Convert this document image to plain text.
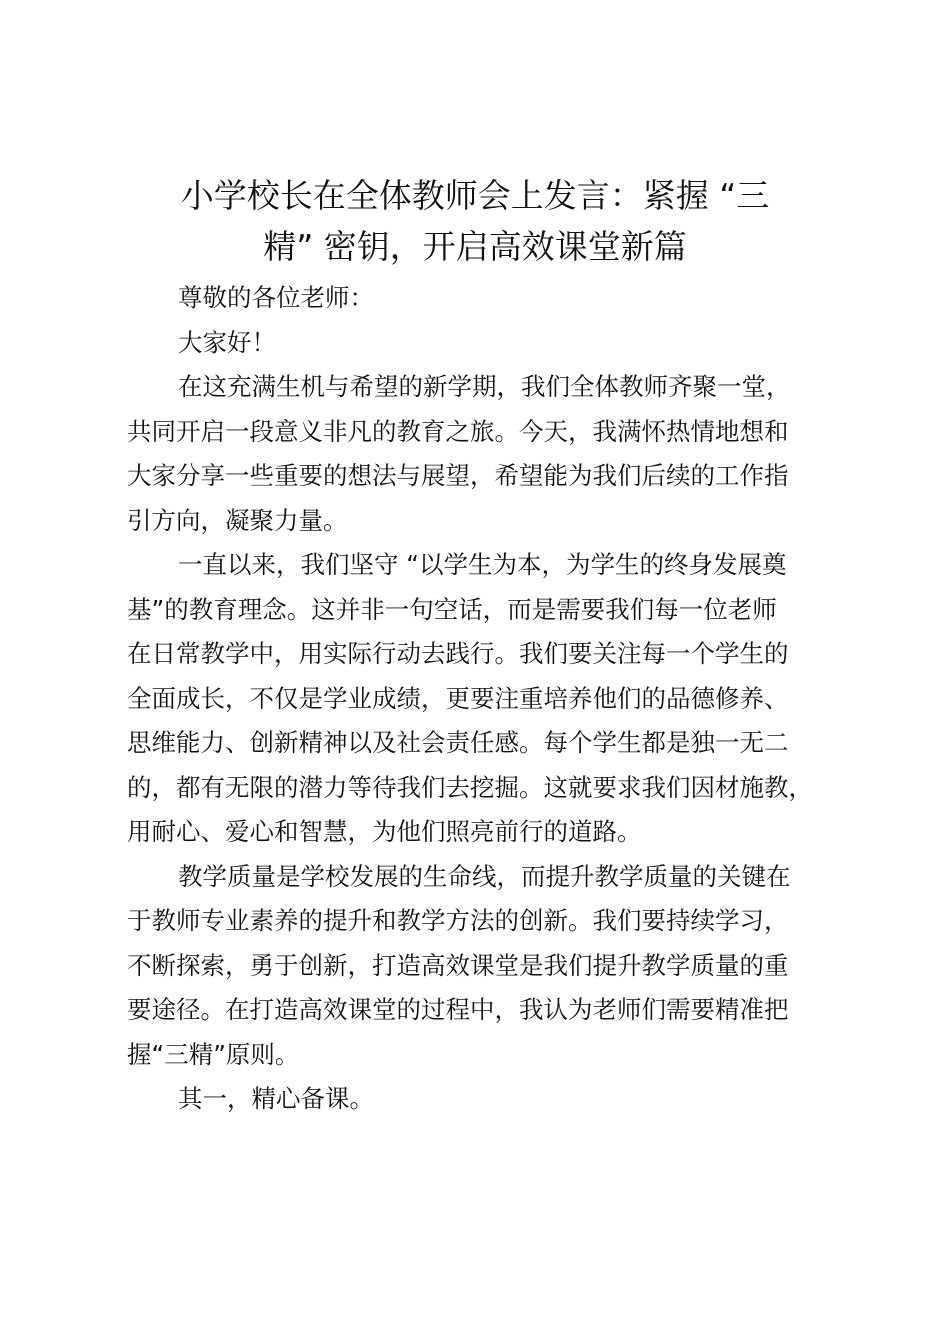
小学校长在全体教师会上发言：紧握 “三
精” 密钥，开启高效课堂新篇

尊敬的各位老师：

大家好！

在这充满生机与希望的新学期，我们全体教师齐聚一堂，
共同开启一段意义非凡的教育之旅。今天，我满怀热情地想和
大家分享一些重要的想法与展望，希望能为我们后续的工作指
引方向，凝聚力量。

一直以来，我们坚守 “以学生为本，为学生的终身发展奠
基”的教育理念。这并非一句空话，而是需要我们每一位老师
在日常教学中，用实际行动去践行。我们要关注每一个学生的
全面成长，不仅是学业成绩，更要注重培养他们的品德修养、
思维能力、创新精神以及社会责任感。每个学生都是独一无二
的，都有无限的潜力等待我们去挖掘。这就要求我们因材施教，
用耐心、爱心和智慧，为他们照亮前行的道路。

教学质量是学校发展的生命线，而提升教学质量的关键在
于教师专业素养的提升和教学方法的创新。我们要持续学习，
不断探索，勇于创新，打造高效课堂是我们提升教学质量的重
要途径。在打造高效课堂的过程中，我认为老师们需要精准把
握“三精”原则。

其一，精心备课。
